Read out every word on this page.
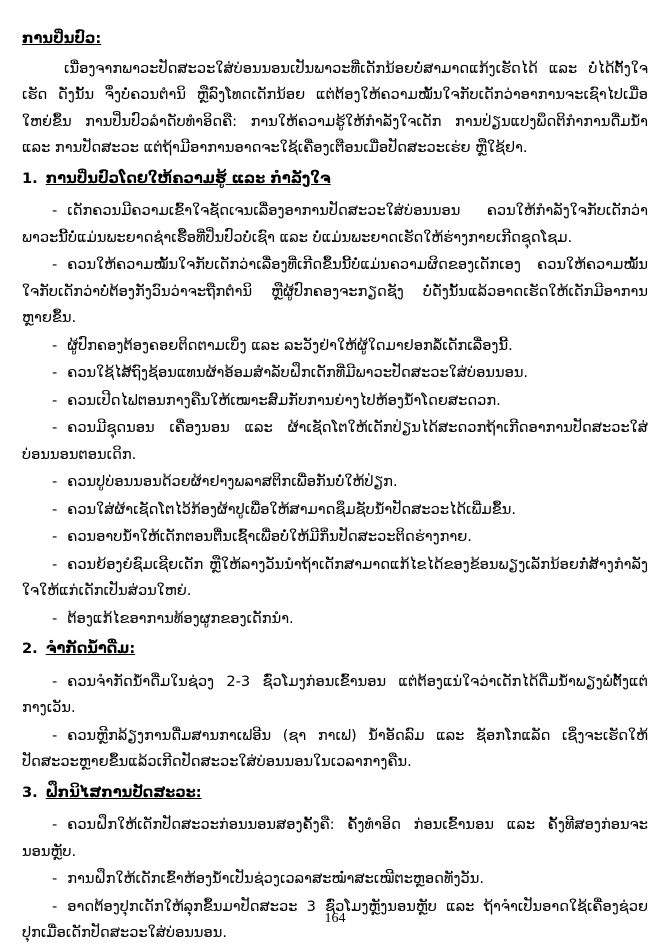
ການປິ່ນປົວ:

ເນື່ອງຈາກພາວະປັດສະວະໃສ່ບ່ອນນອນເປັນພາວະທີ່ເດັກນ້ອຍບໍ່ສາມາດແກ້ງເຮັດໄດ້ ແລະ ບໍ່ໄດ້ຕັ້ງໃຈເຮັດ ດັ່ງນັ້ນ ຈຶ່ງບໍ່ຄວນຕຳນິ ຫຼືລົງໂທດເດັກນ້ອຍ ແຕ່ຕ້ອງໃຫ້ຄວາມໝັ້ນໃຈກັບເດັກວ່າອາການຈະເຊົາໄປເມື່ອໃຫຍ່ຂຶ້ນ ການປິ່ນປົວລຳດັບທຳອິດຄື: ການໃຫ້ຄວາມຮູ້ໃຫ້ກຳລັງໃຈເດັກ ການປ່ຽນແປງພຶດຕິກຳການດື່ມນ້ຳ ແລະ ການປັດສະວະ ແຕ່ຖ້າມີອາການອາດຈະໃຊ້ເຄື່ອງເຕືອນເມື່ອປັດສະວະເຮ່ຍ ຫຼືໃຊ້ຢາ.

1. ການປິ່ນປົວໂດຍໃຫ້ຄວາມຮູ້ ແລະ ກຳລັງໃຈ

- ເດັກຄວນມີຄວາມເຂົ້າໃຈຊັດເຈນເລື່ອງອາການປັດສະວະໃສ່ບ່ອນນອນ ຄວນໃຫ້ກຳລັງໃຈກັບເດັກວ່າພາວະນີ້ບໍ່ແມ່ນພະຍາດຊຳເຮື້ອທີ່ປິ່ນປົວບໍ່ເຊົາ ແລະ ບໍ່ແມ່ນພະຍາດເຮັດໃຫ້ຮ່າງກາຍເກີດຊຸດໂຊມ.

- ຄວນໃຫ້ຄວາມໝັ້ນໃຈກັບເດັກວ່າເລື່ອງທີ່ເກີດຂຶ້ນນີ້ບໍ່ແມ່ນຄວາມຜິດຂອງເດັກເອງ ຄວນໃຫ້ຄວາມໝັ້ນໃຈກັບເດັກວ່າບໍ່ຕ້ອງກັງວົນວ່າຈະຖືກຕຳນິ ຫຼືຜູ້ປົກຄອງຈະກຽດຊັງ ບໍ່ດັ່ງນັ້ນແລ້ວອາດເຮັດໃຫ້ເດັກມີອາການຫຼາຍຂຶ້ນ.

- ຜູ້ປົກຄອງຕ້ອງຄອຍຕິດຕາມເບິ່ງ ແລະ ລະວັງຢ່າໃຫ້ຜູ້ໃດມາຢອກລໍ້ເດັກເລື່ອງນີ້.

- ຄວນໃຊ້ໄສ້ຖົງຊ້ອນແທນຜ້າອ້ອມສຳລັບຝຶກເດັກທີ່ມີພາວະປັດສະວະໃສ່ບ່ອນນອນ.

- ຄວນເປີດໄຟຕອນກາງຄືນໃຫ້ເໝາະສົມກັບການຍ່າງໄປຫ້ອງນ້ຳໂດຍສະດວກ.

- ຄວນມີຊຸດນອນ ເຄື່ອງນອນ ແລະ ຜ້າເຊັດໂຕໃຫ້ເດັກປ່ຽນໄດ້ສະດວກຖ້າເກີດອາການປັດສະວະໃສ່ບ່ອນນອນຕອນເດິກ.

- ຄວນປູບ່ອນນອນດ້ວຍຜ້າຢາງພລາສຕິກເພື່ອກັນບໍ່ໃຫ້ປ່ຽກ.

- ຄວນໃສ່ຜ້າເຊັດໂຕໄວ້ກ້ອງຜ້າປູເພື່ອໃຫ້ສາມາດຊຶມຊັບນ້ຳປັດສະວະໄດ້ເພີ່ມຂຶ້ນ.

- ຄວນອາບນ້ຳໃຫ້ເດັກຕອນຕື່ນເຊົ້າເພື່ອບໍ່ໃຫ້ມີກິ່ນປັດສະວະຕິດຮ່າງກາຍ.

- ຄວນຍ້ອງຍໍຊົມເຊີຍເດັກ ຫຼືໃຫ້ລາງວັນນຳຖ້າເດັກສາມາດແກ້ໄຂໄດ້ຂອງຂ້ອນພຽງເລັກນ້ອຍກໍ່ສ້າງກຳລັງໃຈໃຫ້ແກ່ເດັກເປັນສ່ວນໃຫຍ່.

- ຕ້ອງແກ້ໄຂອາການທ້ອງຜູກຂອງເດັກນຳ.

2. ຈຳກັດນ້ຳດື່ມ:

- ຄວນຈຳກັດນ້ຳດື່ມໃນຊ່ວງ 2-3 ຊົ່ວໂມງກ່ອນເຂົ້ານອນ ແຕ່ຕ້ອງແນ່ໃຈວ່າເດັກໄດ້ດື່ມນ້ຳພຽງພໍຕັ້ງແຕ່ກາງເວັນ.

- ຄວນຫຼີກລ້ຽງການດື່ມສານກາເຟອີນ (ຊາ ກາເຟ) ນ້ຳອັດລົມ ແລະ ຊັອກໂກແລັດ ເຊິ່ງຈະເຮັດໃຫ້ປັດສະວະຫຼາຍຂຶ້ນແລ້ວເກີດປັດສະວະໃສ່ບ່ອນນອນໃນເວລາກາງຄືນ.

3. ຝຶກນິໄສການປັດສະວະ:

- ຄວນຝຶກໃຫ້ເດັກປັດສະວະກ່ອນນອນສອງຄັ້ງຄື: ຄັ້ງທຳອິດ ກ່ອນເຂົ້ານອນ ແລະ ຄັ້ງທີສອງກ່ອນຈະນອນຫຼັບ.

- ການຝຶກໃຫ້ເດັກເຂົ້າຫ້ອງນ້ຳເປັນຊ່ວງເວລາສະໝ່ຳສະເໝີຕະຫຼອດທັງວັນ.

- ອາດຕ້ອງປຸກເດັກໃຫ້ລຸກຂຶ້ນມາປັດສະວະ 3 ຊົ່ວໂມງຫຼັງນອນຫຼັບ ແລະ ຖ້າຈຳເປັນອາດໃຊ້ເຄື່ອງຊ່ວຍປຸກເມື່ອເດັກປັດສະວະໃສ່ບ່ອນນອນ.

164
